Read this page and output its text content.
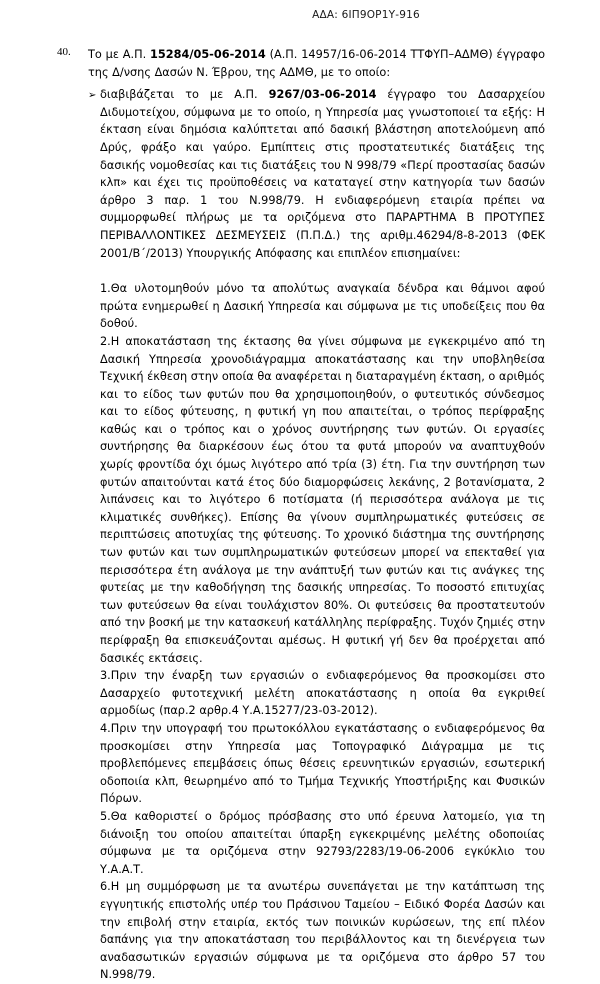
ΑΔΑ: 6ΙΠ9ΟΡ1Υ-916
40. Το με Α.Π. 15284/05-06-2014 (Α.Π. 14957/16-06-2014 ΤΤΦΥΠ–ΑΔΜΘ) έγγραφο της Δ/νσης Δασών Ν. Έβρου, της ΑΔΜΘ, με το οποίο:
➢ διαβιβάζεται το με Α.Π. 9267/03-06-2014 έγγραφο του Δασαρχείου Διδυμοτείχου, σύμφωνα με το οποίο, η Υπηρεσία μας γνωστοποιεί τα εξής: Η έκταση είναι δημόσια καλύπτεται από δασική βλάστηση αποτελούμενη από Δρύς, φράξο και γαύρο. Εμπίπτεις στις προστατευτικές διατάξεις της δασικής νομοθεσίας και τις διατάξεις του Ν 998/79 «Περί προστασίας δασών κλπ» και έχει τις προϋποθέσεις να καταταγεί στην κατηγορία των δασών άρθρο 3 παρ. 1 του Ν.998/79. Η ενδιαφερόμενη εταιρία πρέπει να συμμορφωθεί πλήρως με τα οριζόμενα στο ΠΑΡΑΡΤΗΜΑ Β ΠΡΟΤΥΠΕΣ ΠΕΡΙΒΑΛΛΟΝΤΙΚΕΣ ΔΕΣΜΕΥΣΕΙΣ (Π.Π.Δ.) της αριθμ.46294/8-8-2013 (ΦΕΚ 2001/Β΄/2013) Υπουργικής Απόφασης και επιπλέον επισημαίνει:

1.Θα υλοτομηθούν μόνο τα απολύτως αναγκαία δένδρα και θάμνοι αφού πρώτα ενημερωθεί η Δασική Υπηρεσία και σύμφωνα με τις υποδείξεις που θα δοθού.

2.Η αποκατάσταση της έκτασης θα γίνει σύμφωνα με εγκεκριμένο από τη Δασική Υπηρεσία χρονοδιάγραμμα αποκατάστασης και την υποβληθείσα Τεχνική έκθεση στην οποία θα αναφέρεται η διαταραγμένη έκταση, ο αριθμός και το είδος των φυτών που θα χρησιμοποιηθούν, ο φυτευτικός σύνδεσμος και το είδος φύτευσης, η φυτική γη που απαιτείται, ο τρόπος περίφραξης καθώς και ο τρόπος και ο χρόνος συντήρησης των φυτών. Οι εργασίες συντήρησης θα διαρκέσουν έως ότου τα φυτά μπορούν να αναπτυχθούν χωρίς φροντίδα όχι όμως λιγότερο από τρία (3) έτη. Για την συντήρηση των φυτών απαιτούνται κατά έτος δύο διαμορφώσεις λεκάνης, 2 βοτανίσματα, 2 λιπάνσεις και το λιγότερο 6 ποτίσματα (ή περισσότερα ανάλογα με τις κλιματικές συνθήκες). Επίσης θα γίνουν συμπληρωματικές φυτεύσεις σε περιπτώσεις αποτυχίας της φύτευσης. Το χρονικό διάστημα της συντήρησης των φυτών και των συμπληρωματικών φυτεύσεων μπορεί να επεκταθεί για περισσότερα έτη ανάλογα με την ανάπτυξή των φυτών και τις ανάγκες της φυτείας με την καθοδήγηση της δασικής υπηρεσίας. Το ποσοστό επιτυχίας των φυτεύσεων θα είναι τουλάχιστον 80%. Οι φυτεύσεις θα προστατευτούν από την βοσκή με την κατασκευή κατάλληλης περίφραξης. Τυχόν ζημιές στην περίφραξη θα επισκευάζονται αμέσως. Η φυτική γή δεν θα προέρχεται από δασικές εκτάσεις.

3.Πριν την έναρξη των εργασιών ο ενδιαφερόμενος θα προσκομίσει στο Δασαρχείο φυτοτεχνική μελέτη αποκατάστασης η οποία θα εγκριθεί αρμοδίως (παρ.2 αρθρ.4 Υ.Α.15277/23-03-2012).

4.Πριν την υπογραφή του πρωτοκόλλου εγκατάστασης ο ενδιαφερόμενος θα προσκομίσει στην Υπηρεσία μας Τοπογραφικό Διάγραμμα με τις προβλεπόμενες επεμβάσεις όπως θέσεις ερευνητικών εργασιών, εσωτερική οδοποιία κλπ, θεωρημένο από το Τμήμα Τεχνικής Υποστήριξης και Φυσικών Πόρων.

5.Θα καθοριστεί ο δρόμος πρόσβασης στο υπό έρευνα λατομείο, για τη διάνοιξη του οποίου απαιτείται ύπαρξη εγκεκριμένης μελέτης οδοποιίας σύμφωνα με τα οριζόμενα στην 92793/2283/19-06-2006 εγκύκλιο του Υ.Α.Α.Τ.

6.Η μη συμμόρφωση με τα ανωτέρω συνεπάγεται με την κατάπτωση της εγγυητικής επιστολής υπέρ του Πράσινου Ταμείου – Ειδικό Φορέα Δασών και την επιβολή στην εταιρία, εκτός των ποινικών κυρώσεων, της επί πλέον δαπάνης για την αποκατάσταση του περιβάλλοντος και τη διενέργεια των αναδασωτικών εργασιών σύμφωνα με τα οριζόμενα στο άρθρο 57 του Ν.998/79.
